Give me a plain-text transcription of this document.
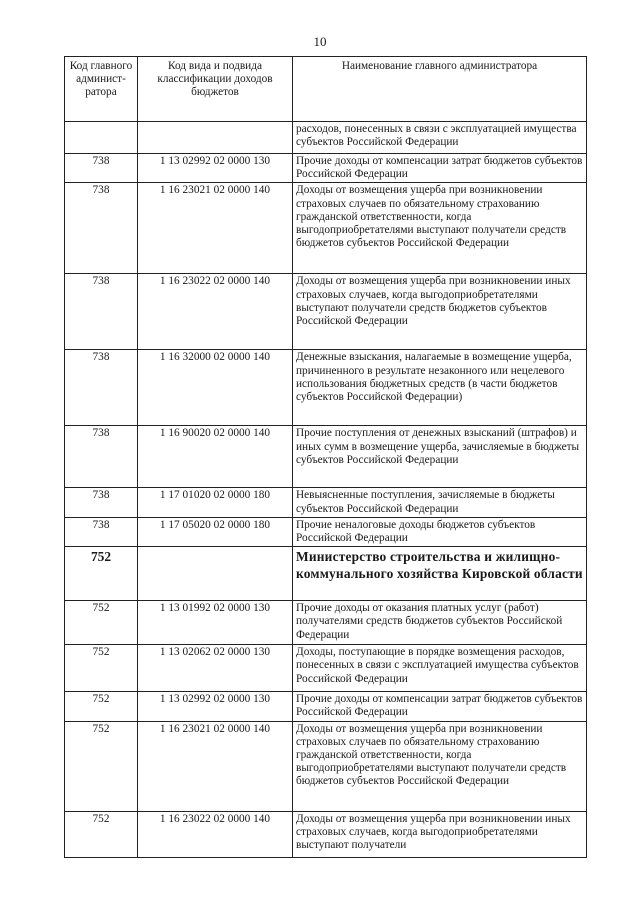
10
Код главного админист-ратора	Код вида и подвида классификации доходов бюджетов	Наименование главного администратора
		расходов, понесенных в связи с эксплуатацией имущества субъектов Российской Федерации
738	1 13 02992 02 0000 130	Прочие доходы от компенсации затрат бюджетов субъектов Российской Федерации
738	1 16 23021 02 0000 140	Доходы от возмещения ущерба при возникновении страховых случаев по обязательному страхованию гражданской ответственности, когда выгодоприобретателями выступают получатели средств бюджетов субъектов Российской Федерации
738	1 16 23022 02 0000 140	Доходы от возмещения ущерба при возникновении иных страховых случаев, когда выгодоприобретателями выступают получатели средств бюджетов субъектов Российской Федерации
738	1 16 32000 02 0000 140	Денежные взыскания, налагаемые в возмещение ущерба, причиненного в результате незаконного или нецелевого использования бюджетных средств (в части бюджетов субъектов Российской Федерации)
738	1 16 90020 02 0000 140	Прочие поступления от денежных взысканий (штрафов) и иных сумм в возмещение ущерба, зачисляемые в бюджеты субъектов Российской Федерации
738	1 17 01020 02 0000 180	Невыясненные поступления, зачисляемые в бюджеты субъектов Российской Федерации
738	1 17 05020 02 0000 180	Прочие неналоговые доходы бюджетов субъектов Российской Федерации
752		Министерство строительства и жилищно-коммунального хозяйства Кировской области
752	1 13 01992 02 0000 130	Прочие доходы от оказания платных услуг (работ) получателями средств бюджетов субъектов Российской Федерации
752	1 13 02062 02 0000 130	Доходы, поступающие в порядке возмещения расходов, понесенных в связи с эксплуатацией имущества субъектов Российской Федерации
752	1 13 02992 02 0000 130	Прочие доходы от компенсации затрат бюджетов субъектов Российской Федерации
752	1 16 23021 02 0000 140	Доходы от возмещения ущерба при возникновении страховых случаев по обязательному страхованию гражданской ответственности, когда выгодоприобретателями выступают получатели средств бюджетов субъектов Российской Федерации
752	1 16 23022 02 0000 140	Доходы от возмещения ущерба при возникновении иных страховых случаев, когда выгодоприобретателями выступают получатели
